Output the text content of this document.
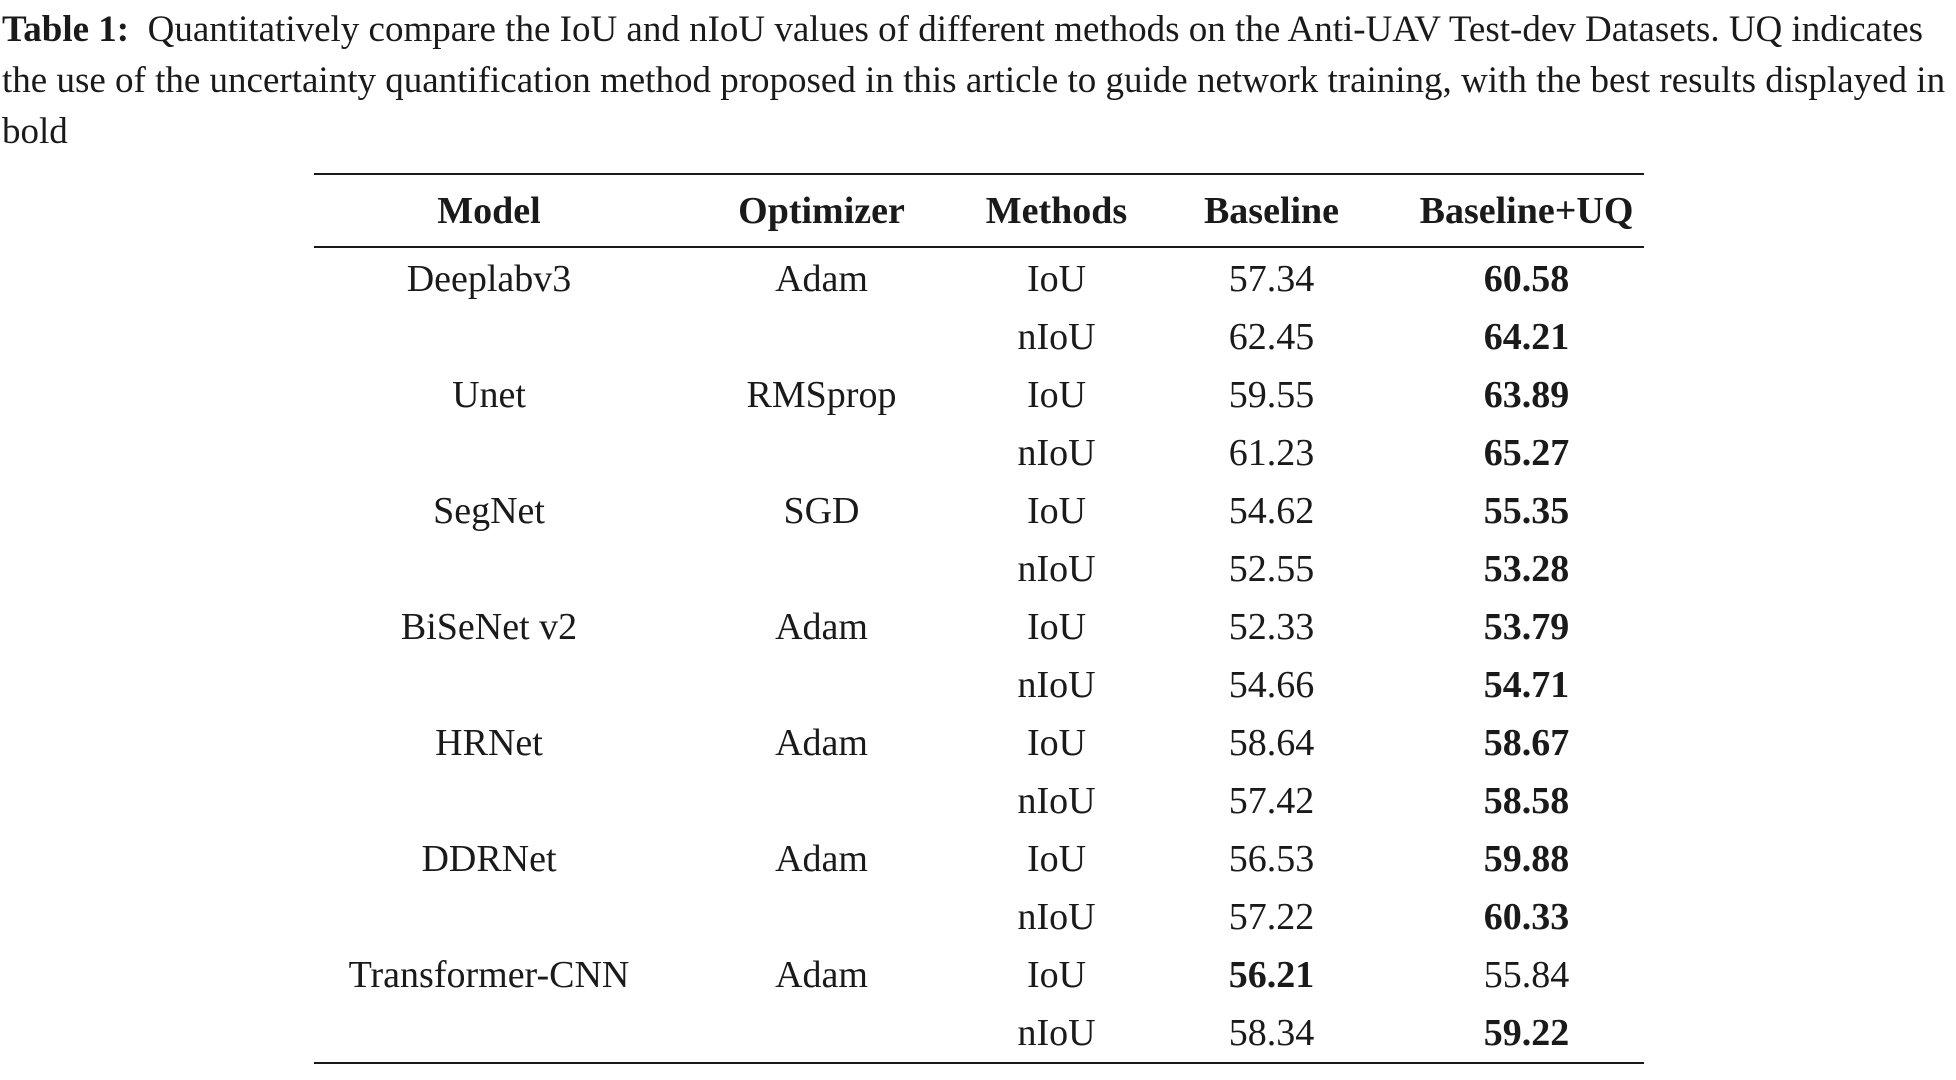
Table 1: Quantitatively compare the IoU and nIoU values of different methods on the Anti-UAV Test-dev Datasets. UQ indicates the use of the uncertainty quantification method proposed in this article to guide network training, with the best results displayed in bold

Model	Optimizer	Methods	Baseline	Baseline+UQ
Deeplabv3	Adam	IoU	57.34	60.58
		nIoU	62.45	64.21
Unet	RMSprop	IoU	59.55	63.89
		nIoU	61.23	65.27
SegNet	SGD	IoU	54.62	55.35
		nIoU	52.55	53.28
BiSeNet v2	Adam	IoU	52.33	53.79
		nIoU	54.66	54.71
HRNet	Adam	IoU	58.64	58.67
		nIoU	57.42	58.58
DDRNet	Adam	IoU	56.53	59.88
		nIoU	57.22	60.33
Transformer-CNN	Adam	IoU	56.21	55.84
		nIoU	58.34	59.22
